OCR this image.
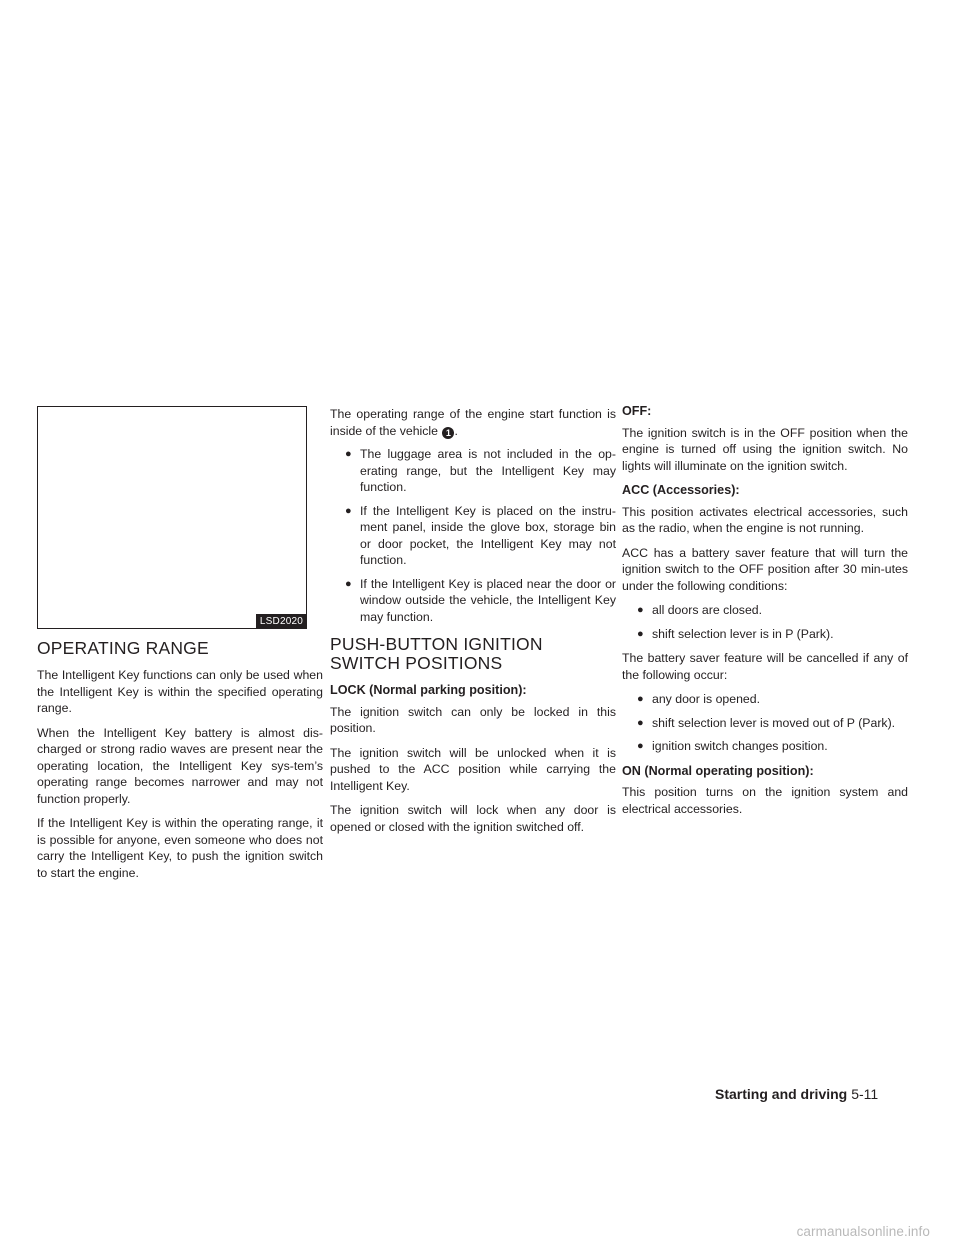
LSD2020
OPERATING RANGE

The Intelligent Key functions can only be used when the Intelligent Key is within the specified operating range.

When the Intelligent Key battery is almost dis-charged or strong radio waves are present near the operating location, the Intelligent Key sys-tem’s operating range becomes narrower and may not function properly.

If the Intelligent Key is within the operating range, it is possible for anyone, even someone who does not carry the Intelligent Key, to push the ignition switch to start the engine.

The operating range of the engine start function is inside of the vehicle 1 .

● The luggage area is not included in the op-erating range, but the Intelligent Key may function.
● If the Intelligent Key is placed on the instru-ment panel, inside the glove box, storage bin or door pocket, the Intelligent Key may not function.
● If the Intelligent Key is placed near the door or window outside the vehicle, the Intelligent Key may function.
PUSH-BUTTON IGNITION SWITCH POSITIONS
LOCK (Normal parking position):

The ignition switch can only be locked in this position.

The ignition switch will be unlocked when it is pushed to the ACC position while carrying the Intelligent Key.

The ignition switch will lock when any door is opened or closed with the ignition switched off.

OFF:

The ignition switch is in the OFF position when the engine is turned off using the ignition switch. No lights will illuminate on the ignition switch.

ACC (Accessories):

This position activates electrical accessories, such as the radio, when the engine is not running.

ACC has a battery saver feature that will turn the ignition switch to the OFF position after 30 min-utes under the following conditions:

● all doors are closed.
● shift selection lever is in P (Park).

The battery saver feature will be cancelled if any of the following occur:

● any door is opened.
● shift selection lever is moved out of P (Park).
● ignition switch changes position.
ON (Normal operating position):

This position turns on the ignition system and electrical accessories.

Starting and driving 5-11
carmanualsonline.info
